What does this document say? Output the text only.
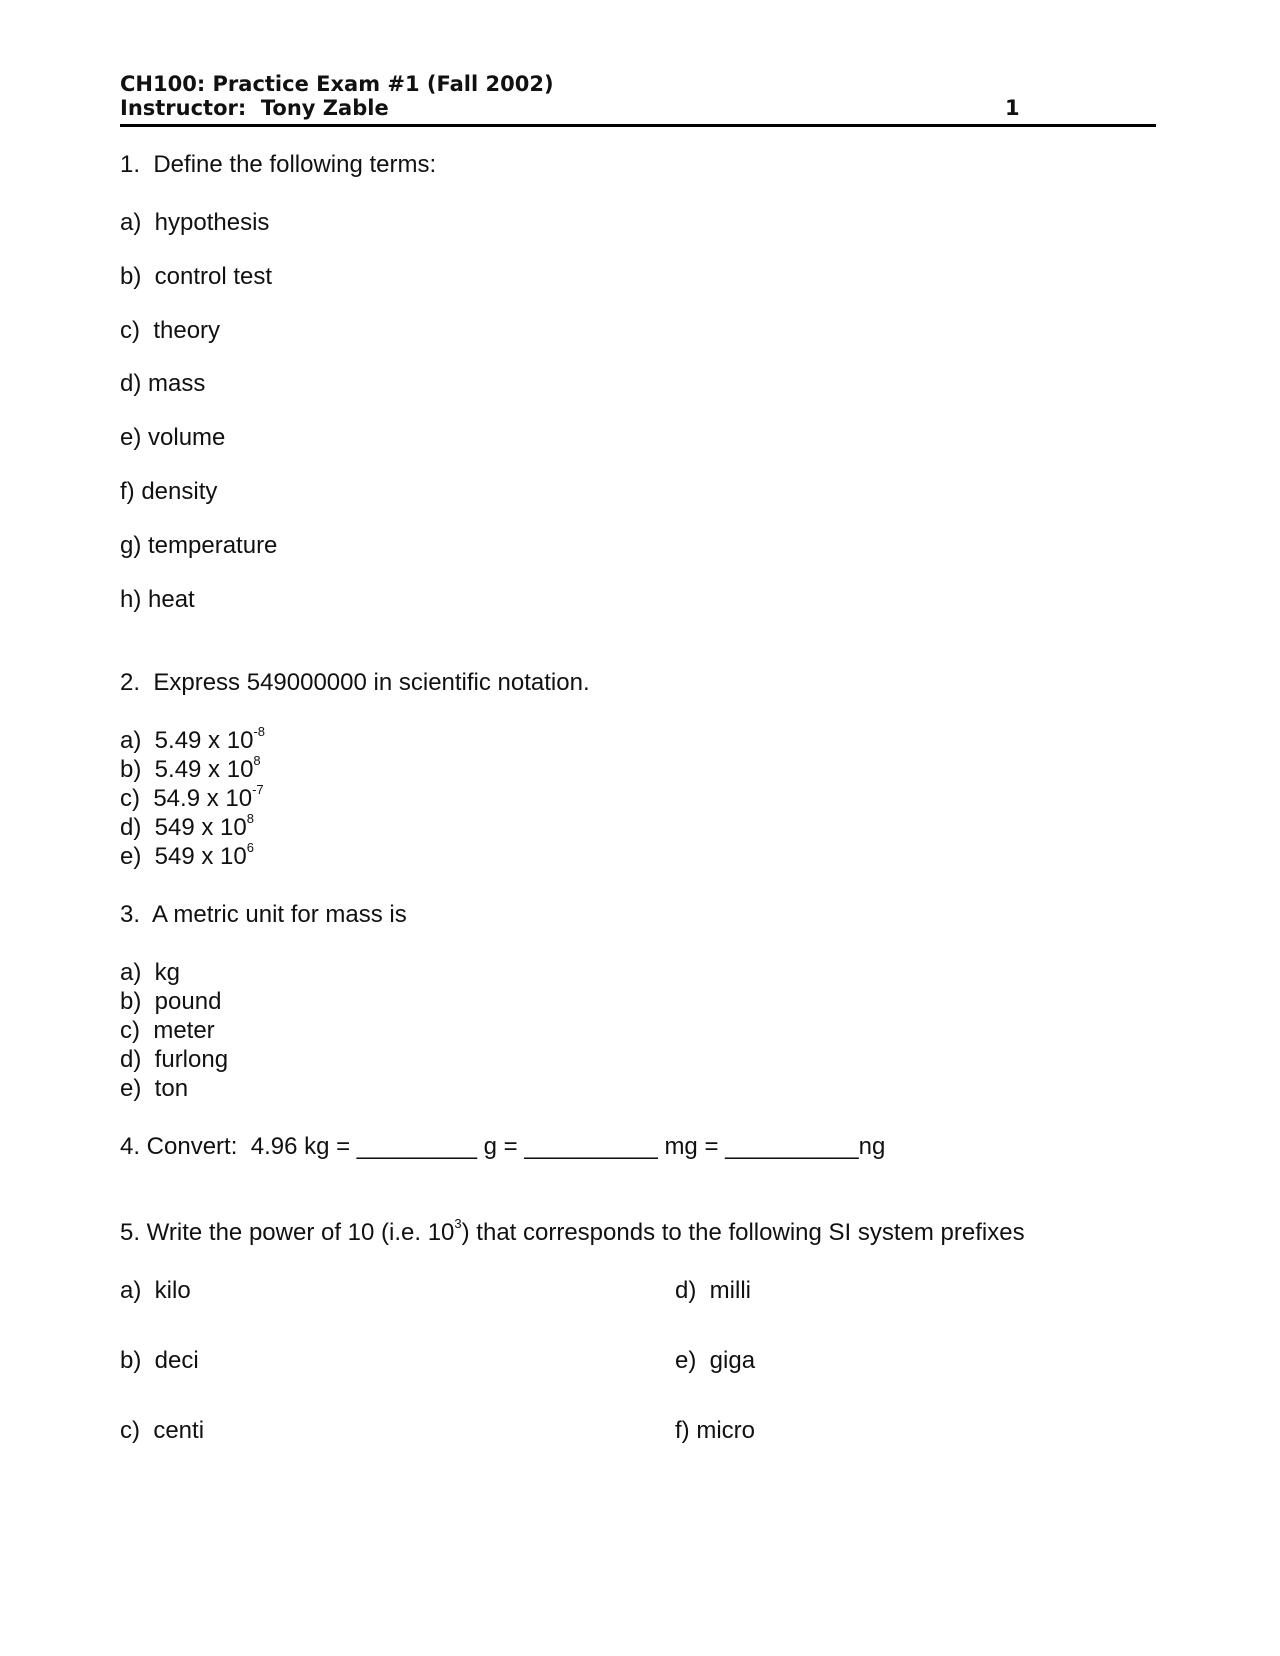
CH100: Practice Exam #1 (Fall 2002)
Instructor:  Tony Zable	1
1.  Define the following terms:
a)  hypothesis
b)  control test
c)  theory
d) mass
e) volume
f) density
g) temperature
h) heat
2.  Express 549000000 in scientific notation.
a)  5.49 x $10^{-8}$
b)  5.49 x $10^8$
c)  54.9 x $10^{-7}$
d)  549 x $10^8$
e)  549 x $10^6$
3.  A metric unit for mass is
a)  kg
b)  pound
c)  meter
d)  furlong
e)  ton
4. Convert:  4.96 kg = _________ g = __________ mg = __________ng
5. Write the power of 10 (i.e. $10^3$) that corresponds to the following SI system prefixes
a)  kilo
b)  deci
c)  centi
d)  milli
e)  giga
f) micro
